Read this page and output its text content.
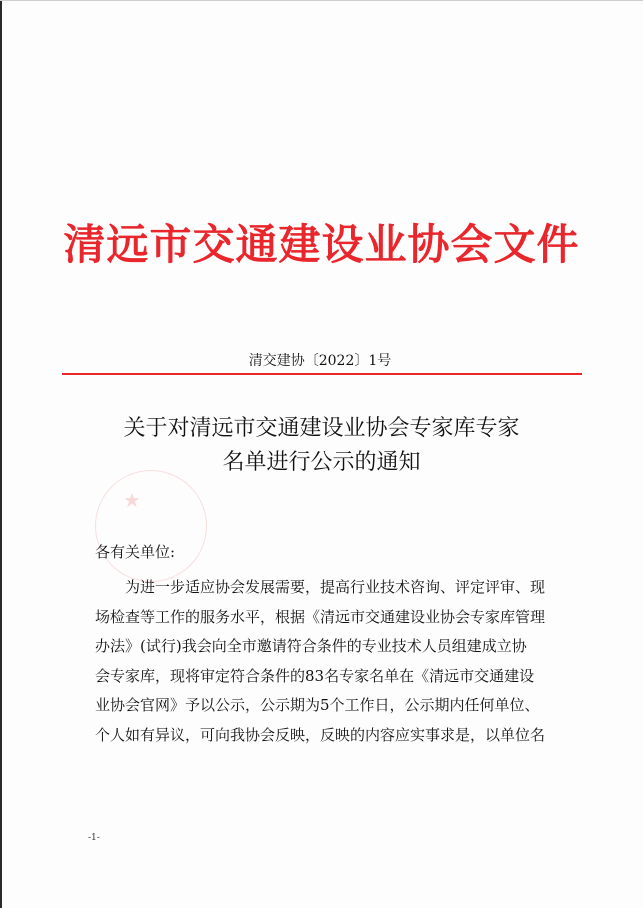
清远市交通建设业协会文件
清交建协〔2022〕1号
关于对清远市交通建设业协会专家库专家
名单进行公示的通知
★
各有关单位:
为进一步适应协会发展需要，提高行业技术咨询、评定评审、现
场检查等工作的服务水平，根据《清远市交通建设业协会专家库管理
办法》(试行)我会向全市邀请符合条件的专业技术人员组建成立协
会专家库，现将审定符合条件的83名专家名单在《清远市交通建设
业协会官网》予以公示，公示期为5个工作日，公示期内任何单位、
个人如有异议，可向我协会反映，反映的内容应实事求是，以单位名
-1-
